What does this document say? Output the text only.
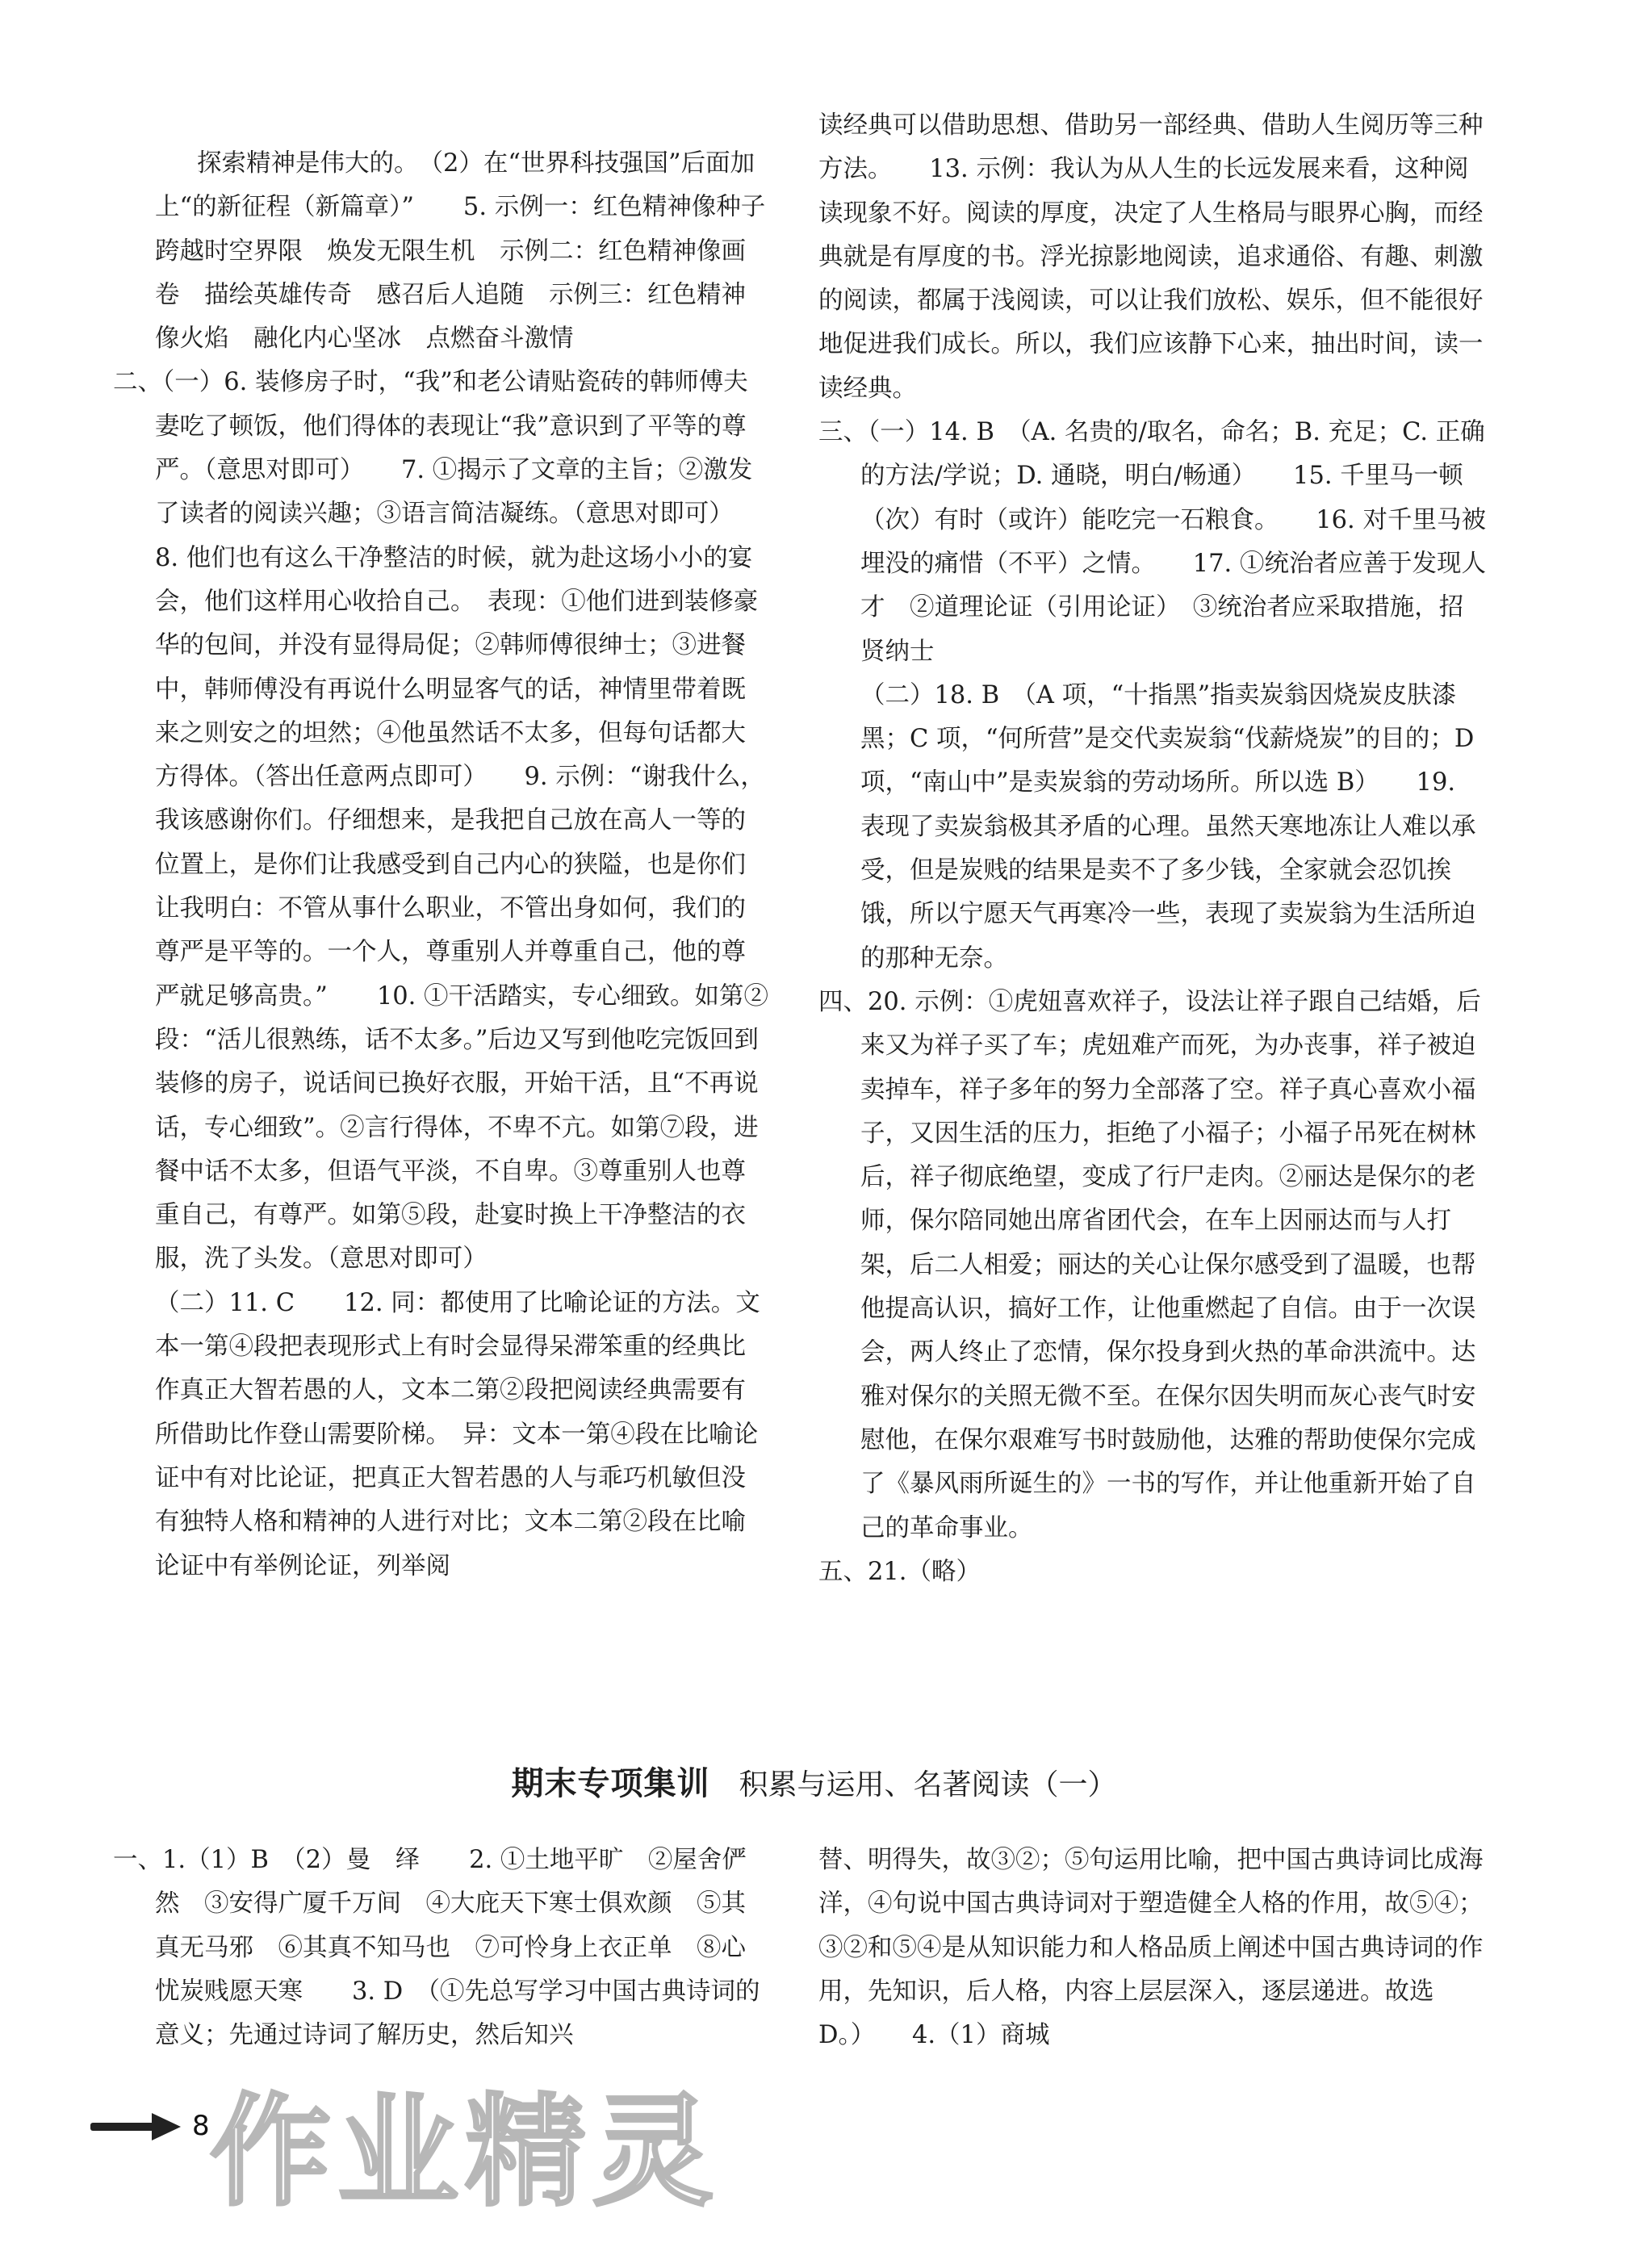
探索精神是伟大的。　（2）在“世界科技强国”后面加上“的新征程（新篇章）”　　5. 示例一：红色精神像种子　跨越时空界限　焕发无限生机　示例二：红色精神像画卷　描绘英雄传奇　感召后人追随　示例三：红色精神像火焰　融化内心坚冰　点燃奋斗激情

二、（一）6. 装修房子时，“我”和老公请贴瓷砖的韩师傅夫妻吃了顿饭，他们得体的表现让“我”意识到了平等的尊严。（意思对即可）　　7. ①揭示了文章的主旨；②激发了读者的阅读兴趣；③语言简洁凝练。（意思对即可）　　8. 他们也有这么干净整洁的时候，就为赴这场小小的宴会，他们这样用心收拾自己。　表现：①他们进到装修豪华的包间，并没有显得局促；②韩师傅很绅士；③进餐中，韩师傅没有再说什么明显客气的话，神情里带着既来之则安之的坦然；④他虽然话不太多，但每句话都大方得体。（答出任意两点即可）　　9. 示例：“谢我什么，我该感谢你们。仔细想来，是我把自己放在高人一等的位置上，是你们让我感受到自己内心的狭隘，也是你们让我明白：不管从事什么职业，不管出身如何，我们的尊严是平等的。一个人，尊重别人并尊重自己，他的尊严就足够高贵。”　　10. ①干活踏实，专心细致。如第②段：“活儿很熟练，话不太多。”后边又写到他吃完饭回到装修的房子，说话间已换好衣服，开始干活，且“不再说话，专心细致”。②言行得体，不卑不亢。如第⑦段，进餐中话不太多，但语气平淡，不自卑。③尊重别人也尊重自己，有尊严。如第⑤段，赴宴时换上干净整洁的衣服，洗了头发。（意思对即可）

（二）11. C　　12. 同：都使用了比喻论证的方法。文本一第④段把表现形式上有时会显得呆滞笨重的经典比作真正大智若愚的人，文本二第②段把阅读经典需要有所借助比作登山需要阶梯。　异：文本一第④段在比喻论证中有对比论证，把真正大智若愚的人与乖巧机敏但没有独特人格和精神的人进行对比；文本二第②段在比喻论证中有举例论证，列举阅

读经典可以借助思想、借助另一部经典、借助人生阅历等三种方法。　　13. 示例：我认为从人生的长远发展来看，这种阅读现象不好。阅读的厚度，决定了人生格局与眼界心胸，而经典就是有厚度的书。浮光掠影地阅读，追求通俗、有趣、刺激的阅读，都属于浅阅读，可以让我们放松、娱乐，但不能很好地促进我们成长。所以，我们应该静下心来，抽出时间，读一读经典。

三、（一）14. B　（A. 名贵的/取名，命名；B. 充足；C. 正确的方法/学说；D. 通晓，明白/畅通）　　15. 千里马一顿（次）有时（或许）能吃完一石粮食。　　16. 对千里马被埋没的痛惜（不平）之情。　　17. ①统治者应善于发现人才　②道理论证（引用论证）　③统治者应采取措施，招贤纳士

（二）18. B　（A 项，“十指黑”指卖炭翁因烧炭皮肤漆黑；C 项，“何所营”是交代卖炭翁“伐薪烧炭”的目的；D 项，“南山中”是卖炭翁的劳动场所。所以选 B）　　19. 表现了卖炭翁极其矛盾的心理。虽然天寒地冻让人难以承受，但是炭贱的结果是卖不了多少钱，全家就会忍饥挨饿，所以宁愿天气再寒冷一些，表现了卖炭翁为生活所迫的那种无奈。

四、20. 示例：①虎妞喜欢祥子，设法让祥子跟自己结婚，后来又为祥子买了车；虎妞难产而死，为办丧事，祥子被迫卖掉车，祥子多年的努力全部落了空。祥子真心喜欢小福子，又因生活的压力，拒绝了小福子；小福子吊死在树林后，祥子彻底绝望，变成了行尸走肉。②丽达是保尔的老师，保尔陪同她出席省团代会，在车上因丽达而与人打架，后二人相爱；丽达的关心让保尔感受到了温暖，也帮他提高认识，搞好工作，让他重燃起了自信。由于一次误会，两人终止了恋情，保尔投身到火热的革命洪流中。达雅对保尔的关照无微不至。在保尔因失明而灰心丧气时安慰他，在保尔艰难写书时鼓励他，达雅的帮助使保尔完成了《暴风雨所诞生的》一书的写作，并让他重新开始了自己的革命事业。

五、21.（略）

期末专项集训 积累与运用、名著阅读（一）

一、1.（1）B　（2）曼　绎　　2. ①土地平旷　②屋舍俨然　③安得广厦千万间　④大庇天下寒士俱欢颜　⑤其真无马邪　⑥其真不知马也　⑦可怜身上衣正单　⑧心忧炭贱愿天寒　　3. D　（①先总写学习中国古典诗词的意义；先通过诗词了解历史，然后知兴

替、明得失，故③②；⑤句运用比喻，把中国古典诗词比成海洋，④句说中国古典诗词对于塑造健全人格的作用，故⑤④；③②和⑤④是从知识能力和人格品质上阐述中国古典诗词的作用，先知识，后人格，内容上层层深入，逐层递进。故选 D。）　　4.（1）商城

8 作业精灵
